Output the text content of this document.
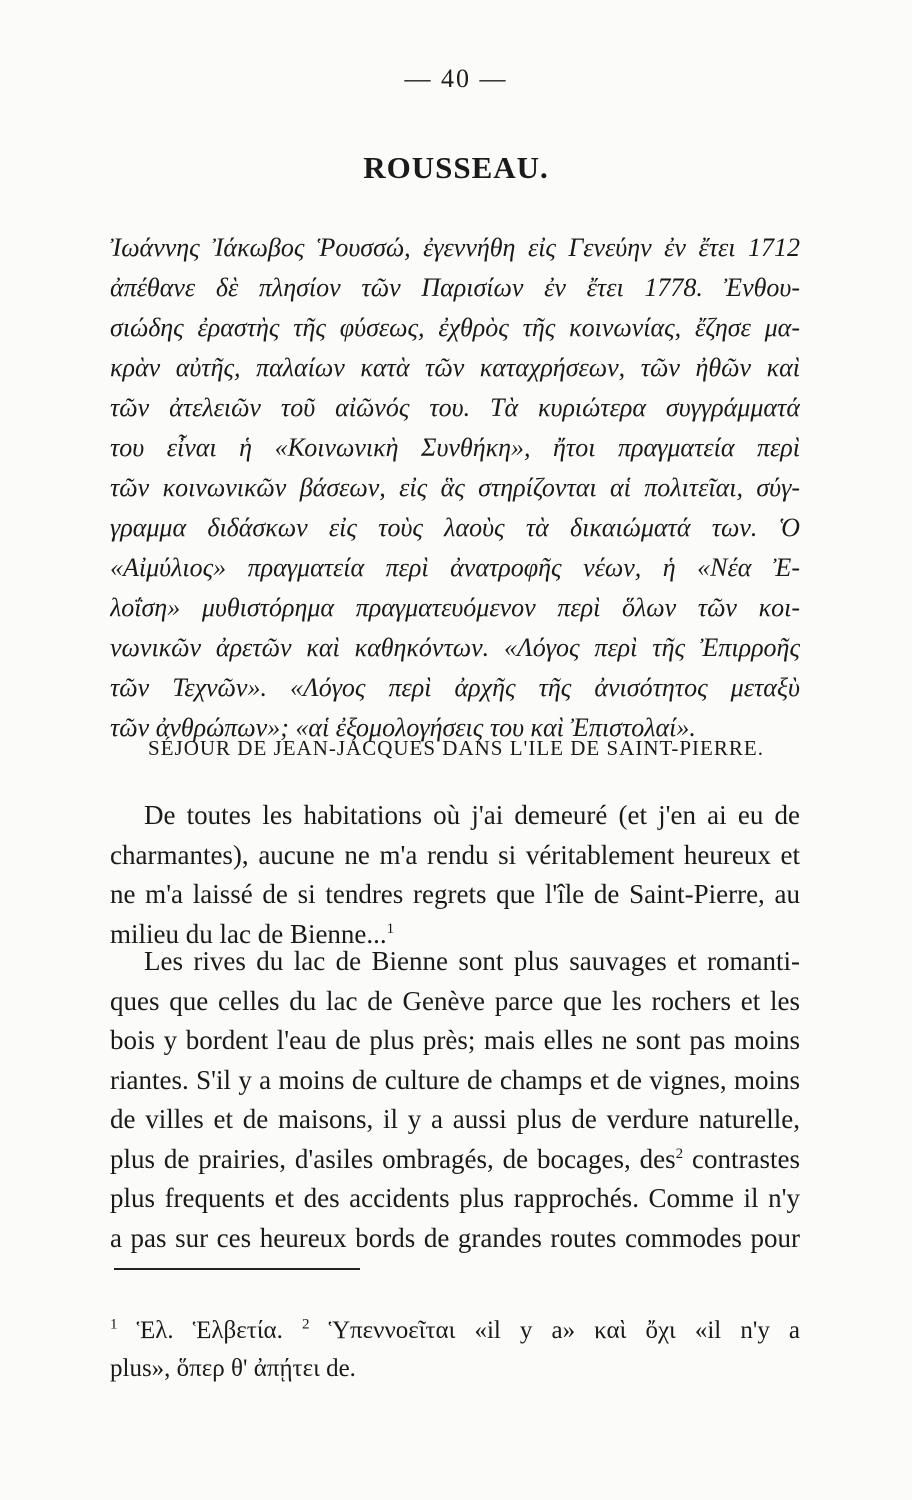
— 40 —
ROUSSEAU.

Ἰωάννης Ἰάκωβος Ῥουσσώ, ἐγεννήθη εἰς Γενεύην ἐν ἔτει 1712
ἀπέθανε δὲ πλησίον τῶν Παρισίων ἐν ἔτει 1778. Ἐνθου-
σιώδης ἐραστὴς τῆς φύσεως, ἐχθρὸς τῆς κοινωνίας, ἔζησε μα-
κρὰν αὐτῆς, παλαίων κατὰ τῶν καταχρήσεων, τῶν ἠθῶν καὶ
τῶν ἀτελειῶν τοῦ αἰῶνός του. Τὰ κυριώτερα συγγράμματά
του εἶναι ἡ «Κοινωνικὴ Συνθήκη», ἤτοι πραγματεία περὶ
τῶν κοινωνικῶν βάσεων, εἰς ἃς στηρίζονται αἱ πολιτεῖαι, σύγ-
γραμμα διδάσκων εἰς τοὺς λαοὺς τὰ δικαιώματά των. Ὁ
«Αἰμύλιος» πραγματεία περὶ ἀνατροφῆς νέων, ἡ «Νέα Ἐ-
λοΐση» μυθιστόρημα πραγματευόμενον περὶ ὅλων τῶν κοι-
νωνικῶν ἀρετῶν καὶ καθηκόντων. «Λόγος περὶ τῆς Ἐπιρροῆς
τῶν Τεχνῶν». «Λόγος περὶ ἀρχῆς τῆς ἀνισότητος μεταξὺ
τῶν ἀνθρώπων»; «αἱ ἐξομολογήσεις του καὶ Ἐπιστολαί».

SÉJOUR DE JEAN-JACQUES DANS L'ILE DE SAINT-PIERRE.

De toutes les habitations où j'ai demeuré (et j'en ai eu de
charmantes), aucune ne m'a rendu si véritablement heureux et
ne m'a laissé de si tendres regrets que l'île de Saint-Pierre, au
milieu du lac de Bienne...$^1$

Les rives du lac de Bienne sont plus sauvages et romanti-
ques que celles du lac de Genève parce que les rochers et les
bois y bordent l'eau de plus près; mais elles ne sont pas moins
riantes. S'il y a moins de culture de champs et de vignes, moins
de villes et de maisons, il y a aussi plus de verdure naturelle,
plus de prairies, d'asiles ombragés, de bocages, des$^2$ contrastes
plus frequents et des accidents plus rapprochés. Comme il n'y
a pas sur ces heureux bords de grandes routes commodes pour

$^1$ Ἑλ. Ἑλβετία. $^2$ Ὑπεννοεῖται «il y a» καὶ ὄχι «il n'y a
plus», ὅπερ θ' ἀπῄτει de.
